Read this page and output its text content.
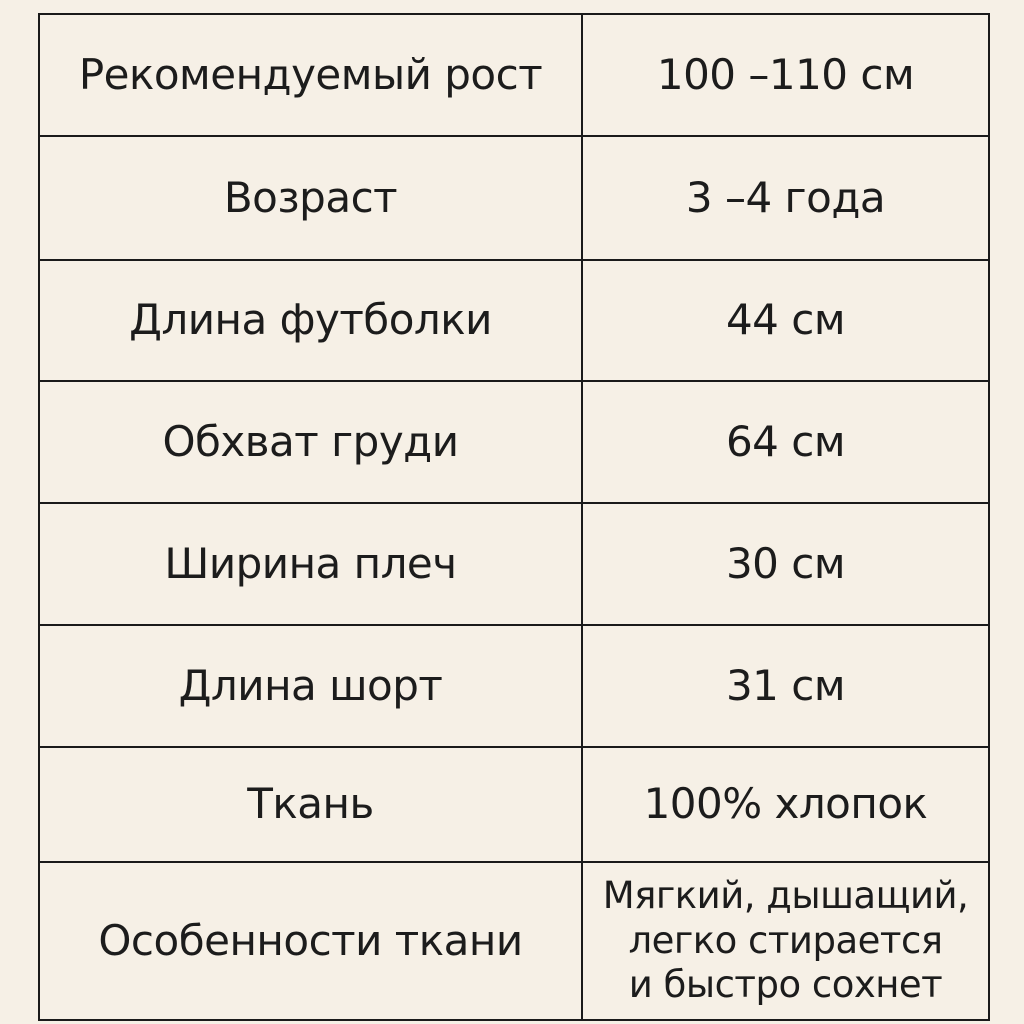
Рекомендуемый рост	100 –110 см
Возраст	3 –4 года
Длина футболки	44 см
Обхват груди	64 см
Ширина плеч	30 см
Длина шорт	31 см
Ткань	100% хлопок
Особенности ткани	Мягкий, дышащий,
легко стирается
и быстро сохнет
